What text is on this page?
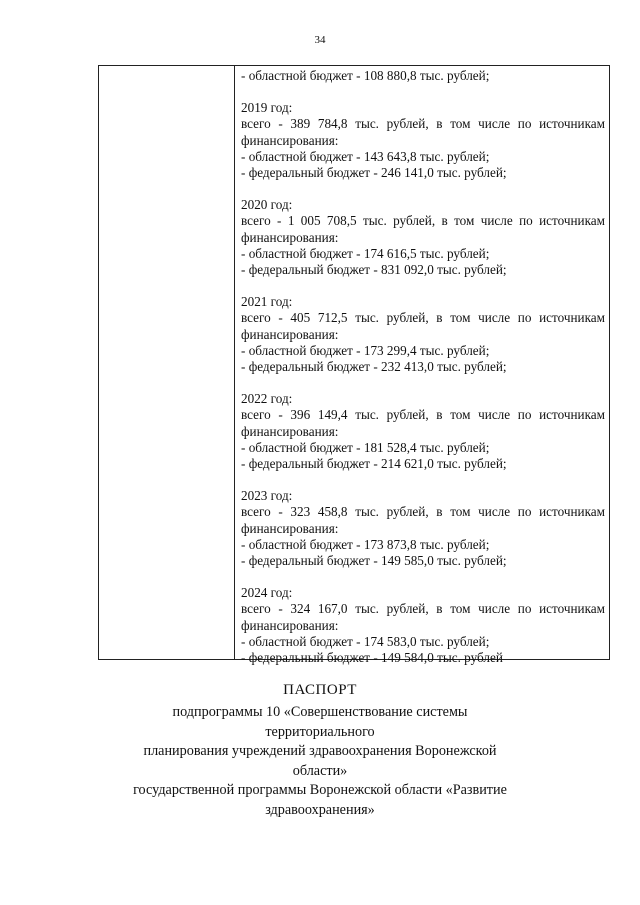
34

- областной бюджет - 108 880,8 тыс. рублей;

2019 год:

всего - 389 784,8 тыс. рублей, в том числе по источникам

финансирования:

- областной бюджет - 143 643,8 тыс. рублей;

- федеральный бюджет - 246 141,0 тыс. рублей;

2020 год:

всего - 1 005 708,5 тыс. рублей, в том числе по источникам

финансирования:

- областной бюджет - 174 616,5 тыс. рублей;

- федеральный бюджет - 831 092,0 тыс. рублей;

2021 год:

всего - 405 712,5 тыс. рублей, в том числе по источникам

финансирования:

- областной бюджет - 173 299,4 тыс. рублей;

- федеральный бюджет - 232 413,0 тыс. рублей;

2022 год:

всего - 396 149,4 тыс. рублей, в том числе по источникам

финансирования:

- областной бюджет - 181 528,4 тыс. рублей;

- федеральный бюджет - 214 621,0 тыс. рублей;

2023 год:

всего - 323 458,8 тыс. рублей, в том числе по источникам

финансирования:

- областной бюджет - 173 873,8 тыс. рублей;

- федеральный бюджет - 149 585,0 тыс. рублей;

2024 год:

всего - 324 167,0 тыс. рублей, в том числе по источникам

финансирования:

- областной бюджет - 174 583,0 тыс. рублей;

- федеральный бюджет - 149 584,0 тыс. рублей

ПАСПОРТ
подпрограммы 10 «Совершенствование системы территориального
планирования учреждений здравоохранения Воронежской области»
государственной программы Воронежской области «Развитие
здравоохранения»
